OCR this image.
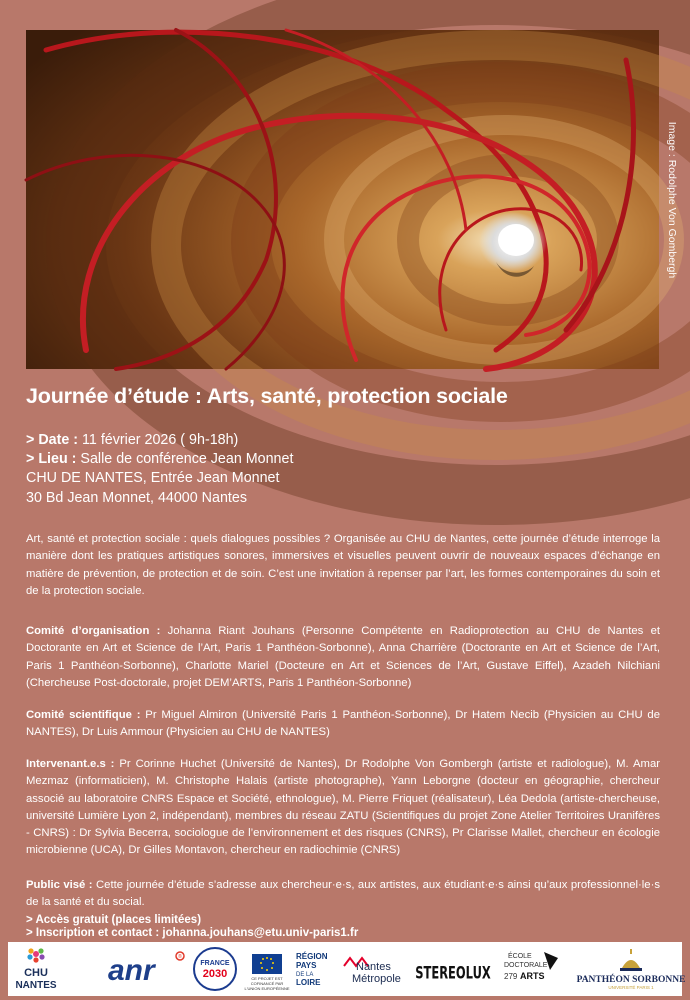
Image : Rodolphe Von Gombergh
Journée d’étude : Arts, santé, protection sociale
> Date : 11 février 2026 ( 9h-18h)
> Lieu : Salle de conférence Jean Monnet
CHU DE NANTES, Entrée Jean Monnet
30 Bd Jean Monnet, 44000 Nantes

Art, santé et protection sociale : quels dialogues possibles ? Organisée au CHU de Nantes, cette journée d’étude interroge la manière dont les pratiques artistiques sonores, immersives et visuelles peuvent ouvrir de nouveaux espaces d’échange en matière de prévention, de protection et de soin. C’est une invitation à repenser par l’art, les formes contemporaines du soin et de la protection sociale.

Comité d’organisation : Johanna Riant Jouhans (Personne Compétente en Radioprotection au CHU de Nantes et Doctorante en Art et Science de l’Art, Paris 1 Panthéon-Sorbonne), Anna Charrière (Doctorante en Art et Science de l’Art, Paris 1 Panthéon-Sorbonne), Charlotte Mariel (Docteure en Art et Sciences de l’Art, Gustave Eiffel), Azadeh Nilchiani (Chercheuse Post-doctorale, projet DEM’ARTS, Paris 1 Panthéon-Sorbonne)

Comité scientifique : Pr Miguel Almiron (Université Paris 1 Panthéon-Sorbonne), Dr Hatem Necib (Physicien au CHU de NANTES), Dr Luis Ammour (Physicien au CHU de NANTES)

Intervenant.e.s : Pr Corinne Huchet (Université de Nantes), Dr Rodolphe Von Gombergh (artiste et radiologue), M. Amar Mezmaz (informaticien), M. Christophe Halais (artiste photographe), Yann Leborgne (docteur en géographie, chercheur associé au laboratoire CNRS Espace et Société, ethnologue), M. Pierre Friquet (réalisateur), Léa Dedola (artiste-chercheuse, université Lumière Lyon 2, indépendant), membres du réseau ZATU (Scientifiques du projet Zone Atelier Territoires Uranifères - CNRS) : Dr Sylvia Becerra, sociologue de l’environnement et des risques (CNRS), Pr Clarisse Mallet, chercheur en écologie microbienne (UCA), Dr Gilles Montavon, chercheur en radiochimie (CNRS)

Public visé : Cette journée d’étude s’adresse aux chercheur·e·s, aux artistes, aux étudiant·e·s ainsi qu’aux professionnel·le·s de la santé et du social.

> Accès gratuit (places limitées)
> Inscription et contact : johanna.jouhans@etu.univ-paris1.fr
CHU
NANTES anr	®
FRANCE
2030	CE PROJET EST COFINANCÉ PAR L'UNION EUROPÉENNE
RÉGION
PAYS
DE LA
LOIRE
Nantes
Métropole STEREOLUX
ÉCOLE
DOCTORALE
279 ARTS	PANTHÉON SORBONNE
UNIVERSITÉ PARIS 1
